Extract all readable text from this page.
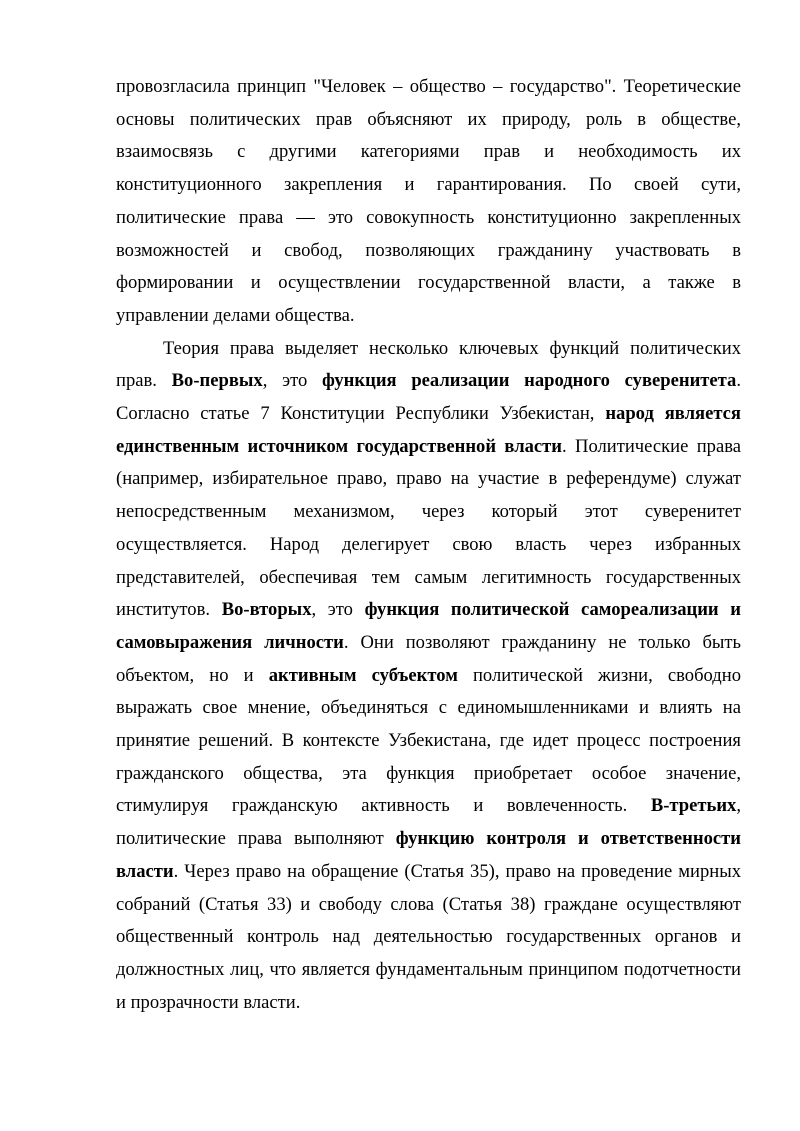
провозгласила принцип "Человек – общество – государство". Теоретические основы политических прав объясняют их природу, роль в обществе, взаимосвязь с другими категориями прав и необходимость их конституционного закрепления и гарантирования. По своей сути, политические права — это совокупность конституционно закрепленных возможностей и свобод, позволяющих гражданину участвовать в формировании и осуществлении государственной власти, а также в управлении делами общества.

Теория права выделяет несколько ключевых функций политических прав. Во-первых, это функция реализации народного суверенитета. Согласно статье 7 Конституции Республики Узбекистан, народ является единственным источником государственной власти. Политические права (например, избирательное право, право на участие в референдуме) служат непосредственным механизмом, через который этот суверенитет осуществляется. Народ делегирует свою власть через избранных представителей, обеспечивая тем самым легитимность государственных институтов. Во-вторых, это функция политической самореализации и самовыражения личности. Они позволяют гражданину не только быть объектом, но и активным субъектом политической жизни, свободно выражать свое мнение, объединяться с единомышленниками и влиять на принятие решений. В контексте Узбекистана, где идет процесс построения гражданского общества, эта функция приобретает особое значение, стимулируя гражданскую активность и вовлеченность. В-третьих, политические права выполняют функцию контроля и ответственности власти. Через право на обращение (Статья 35), право на проведение мирных собраний (Статья 33) и свободу слова (Статья 38) граждане осуществляют общественный контроль над деятельностью государственных органов и должностных лиц, что является фундаментальным принципом подотчетности и прозрачности власти.
